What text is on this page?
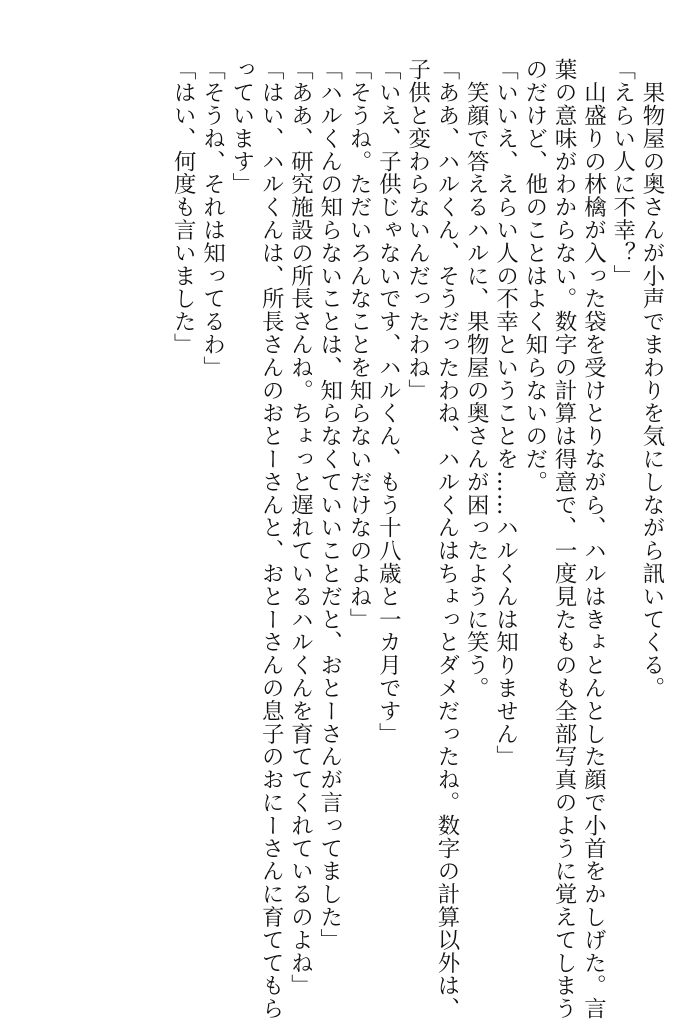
　果物屋の奥さんが小声でまわりを気にしながら訊いてくる。
「えらい人に不幸？」
　山盛りの林檎が入った袋を受けとりながら、ハルはきょとんとした顔で小首をかしげた。言
葉の意味がわからない。数字の計算は得意で、一度見たものも全部写真のように覚えてしまう
のだけど、他のことはよく知らないのだ。
「いいえ、えらい人の不幸ということを……ハルくんは知りません」
　笑顔で答えるハルに、果物屋の奥さんが困ったように笑う。
「ああ、ハルくん、そうだったわね、ハルくんはちょっとダメだったね。数字の計算以外は、
子供と変わらないんだったわね」
「いえ、子供じゃないです、ハルくん、もう十八歳と一カ月です」
「そうね。ただいろんなことを知らないだけなのよね」
「ハルくんの知らないことは、知らなくていいことだと、おとーさんが言ってました」
「ああ、研究施設の所長さんね。ちょっと遅れているハルくんを育ててくれているのよね」
「はい、ハルくんは、所長さんのおとーさんと、おとーさんの息子のおにーさんに育ててもら
っています」
「そうね、それは知ってるわ」
「はい、何度も言いました」
